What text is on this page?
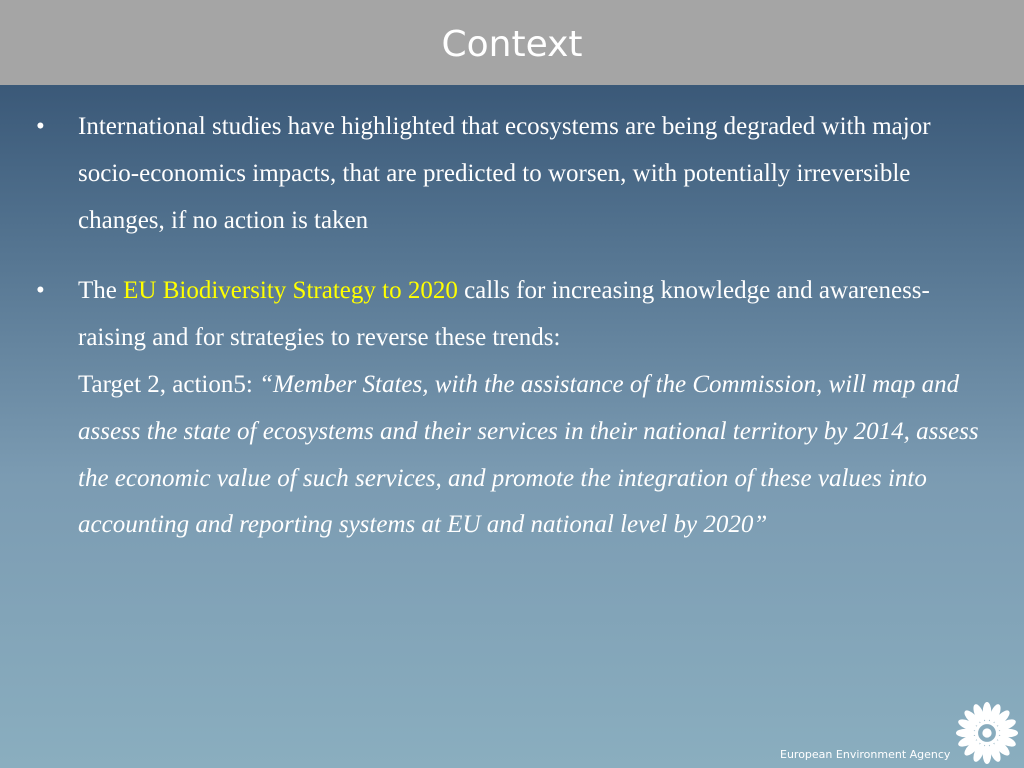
Context
•	International studies have highlighted that ecosystems are being degraded with major socio-economics impacts, that are predicted to worsen, with potentially irreversible changes, if no action is taken
•	The EU Biodiversity Strategy to 2020 calls for increasing knowledge and awareness-raising and for strategies to reverse these trends:
Target 2, action5: “Member States, with the assistance of the Commission, will map and assess the state of ecosystems and their services in their national territory by 2014, assess the economic value of such services, and promote the integration of these values into accounting and reporting systems at EU and national level by 2020”
European Environment Agency
